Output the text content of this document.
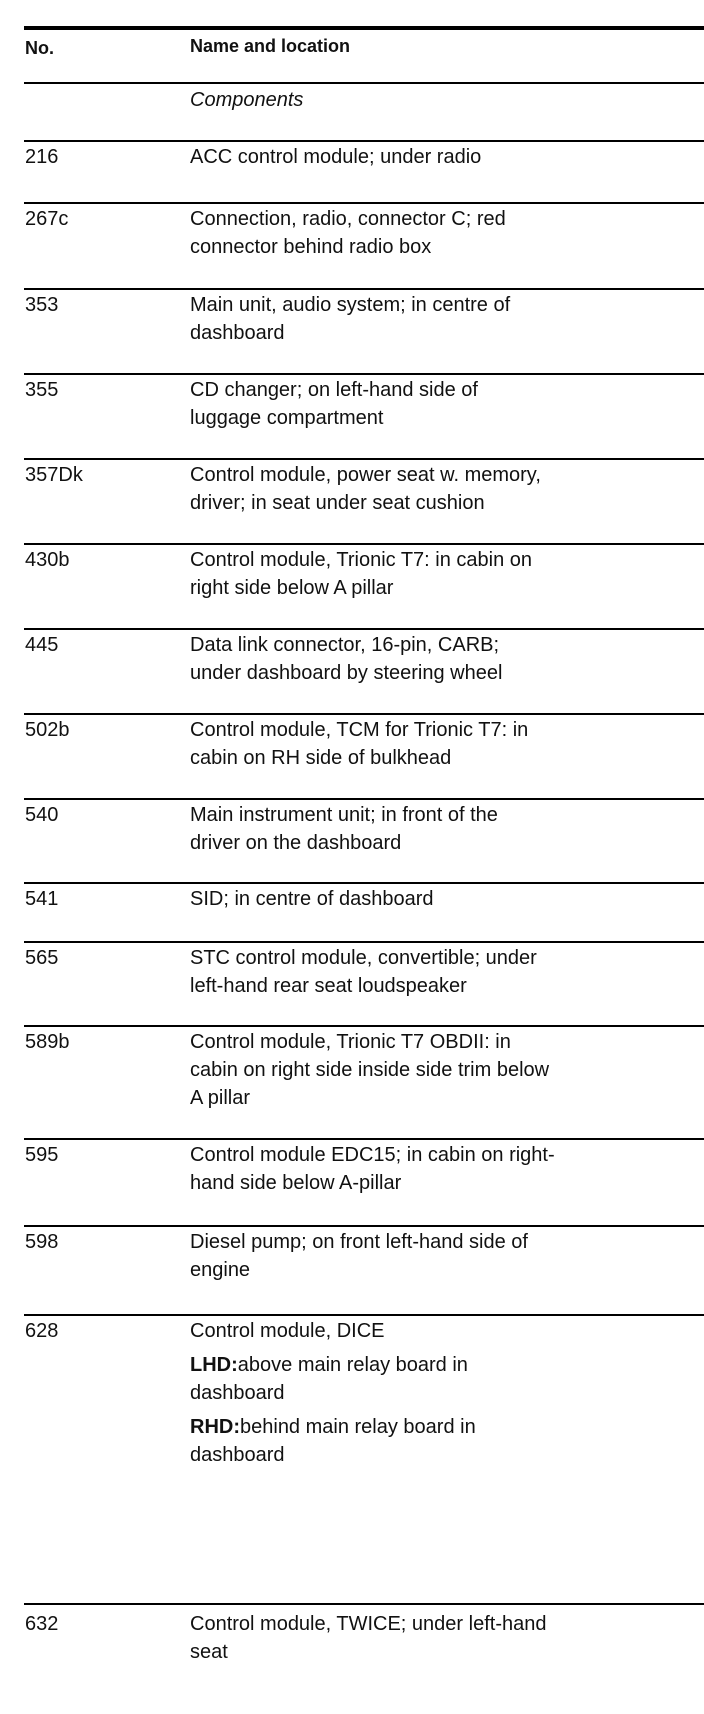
No.	Name and location
Components
216	ACC control module; under radio
267c	Connection, radio, connector C; red
connector behind radio box
353	Main unit, audio system; in centre of
dashboard
355	CD changer; on left-hand side of
luggage compartment
357Dk	Control module, power seat w. memory,
driver; in seat under seat cushion
430b	Control module, Trionic T7: in cabin on
right side below A pillar
445	Data link connector, 16-pin, CARB;
under dashboard by steering wheel
502b	Control module, TCM for Trionic T7: in
cabin on RH side of bulkhead
540	Main instrument unit; in front of the
driver on the dashboard
541	SID; in centre of dashboard
565	STC control module, convertible; under
left-hand rear seat loudspeaker
589b	Control module, Trionic T7 OBDII: in
cabin on right side inside side trim below
A pillar
595	Control module EDC15; in cabin on right-
hand side below A-pillar
598	Diesel pump; on front left-hand side of
engine
628	Control module, DICE
LHD:above main relay board in
dashboard
RHD:behind main relay board in
dashboard
632	Control module, TWICE; under left-hand
seat
